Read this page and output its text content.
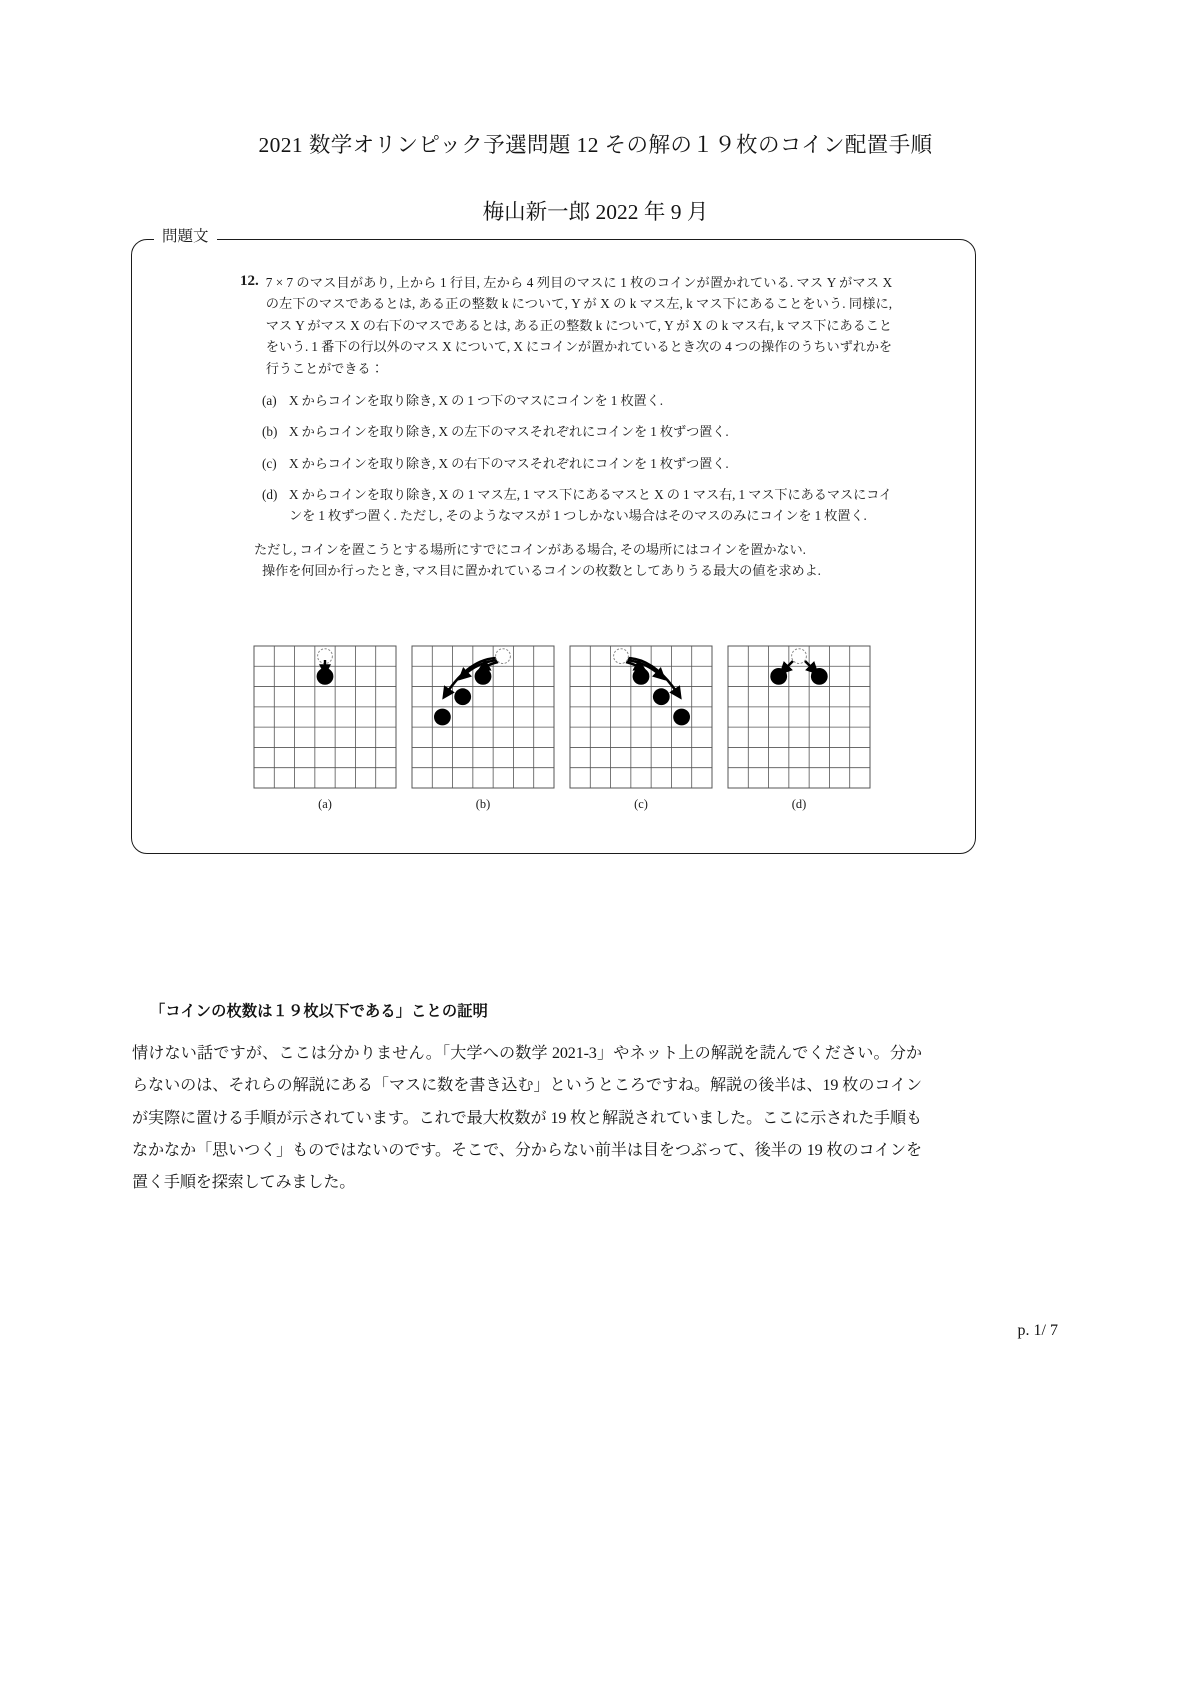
2021 数学オリンピック予選問題 12 その解の１９枚のコイン配置手順
梅山新一郎 2022 年 9 月
問題文
12. 7 × 7 のマス目があり, 上から 1 行目, 左から 4 列目のマスに 1 枚のコインが置かれている. マス Y がマス X の左下のマスであるとは, ある正の整数 k について, Y が X の k マス左, k マス下にあることをいう. 同様に, マス Y がマス X の右下のマスであるとは, ある正の整数 k について, Y が X の k マス右, k マス下にあることをいう. 1 番下の行以外のマス X について, X にコインが置かれているとき次の 4 つの操作のうちいずれかを行うことができる：
(a) X からコインを取り除き, X の 1 つ下のマスにコインを 1 枚置く.
(b) X からコインを取り除き, X の左下のマスそれぞれにコインを 1 枚ずつ置く.
(c) X からコインを取り除き, X の右下のマスそれぞれにコインを 1 枚ずつ置く.
(d) X からコインを取り除き, X の 1 マス左, 1 マス下にあるマスと X の 1 マス右, 1 マス下にあるマスにコインを 1 枚ずつ置く. ただし, そのようなマスが 1 つしかない場合はそのマスのみにコインを 1 枚置く.
ただし, コインを置こうとする場所にすでにコインがある場合, その場所にはコインを置かない.
操作を何回か行ったとき, マス目に置かれているコインの枚数としてありうる最大の値を求めよ.
(a)	(b)	(c)	(d)
「コインの枚数は１９枚以下である」ことの証明
情けない話ですが、ここは分かりません。「大学への数学 2021-3」やネット上の解説を読んでください。分からないのは、それらの解説にある「マスに数を書き込む」というところですね。解説の後半は、19 枚のコインが実際に置ける手順が示されています。これで最大枚数が 19 枚と解説されていました。ここに示された手順もなかなか「思いつく」ものではないのです。そこで、分からない前半は目をつぶって、後半の 19 枚のコインを置く手順を探索してみました。
p. 1/ 7
